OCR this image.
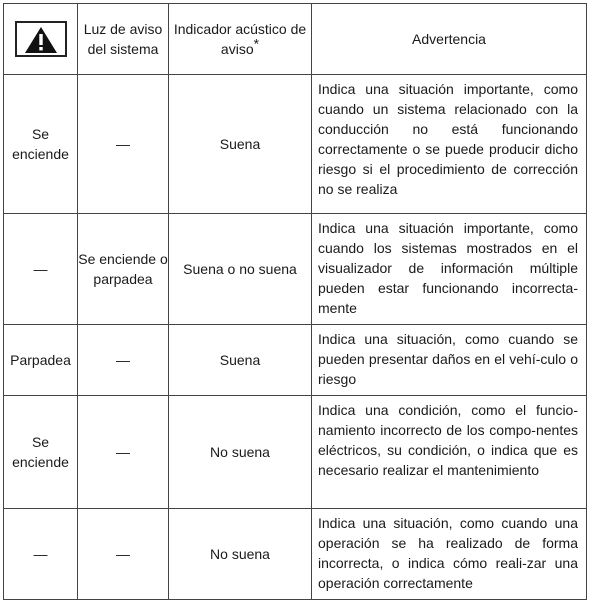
	Luz de aviso del sistema	Indicador acústico de aviso*	Advertencia
Se enciende	—	Suena	Indica una situación importante, como cuando un sistema relacionado con la conducción no está funcionando correctamente o se puede producir dicho riesgo si el procedimiento de corrección no se realiza
—	Se enciende o parpadea	Suena o no suena	Indica una situación importante, como cuando los sistemas mostrados en el visualizador de información múltiple pueden estar funcionando incorrecta-mente
Parpadea	—	Suena	Indica una situación, como cuando se pueden presentar daños en el vehí-culo o riesgo
Se enciende	—	No suena	Indica una condición, como el funcio-namiento incorrecto de los compo-nentes eléctricos, su condición, o indica que es necesario realizar el mantenimiento
—	—	No suena	Indica una situación, como cuando una operación se ha realizado de forma incorrecta, o indica cómo reali-zar una operación correctamente
